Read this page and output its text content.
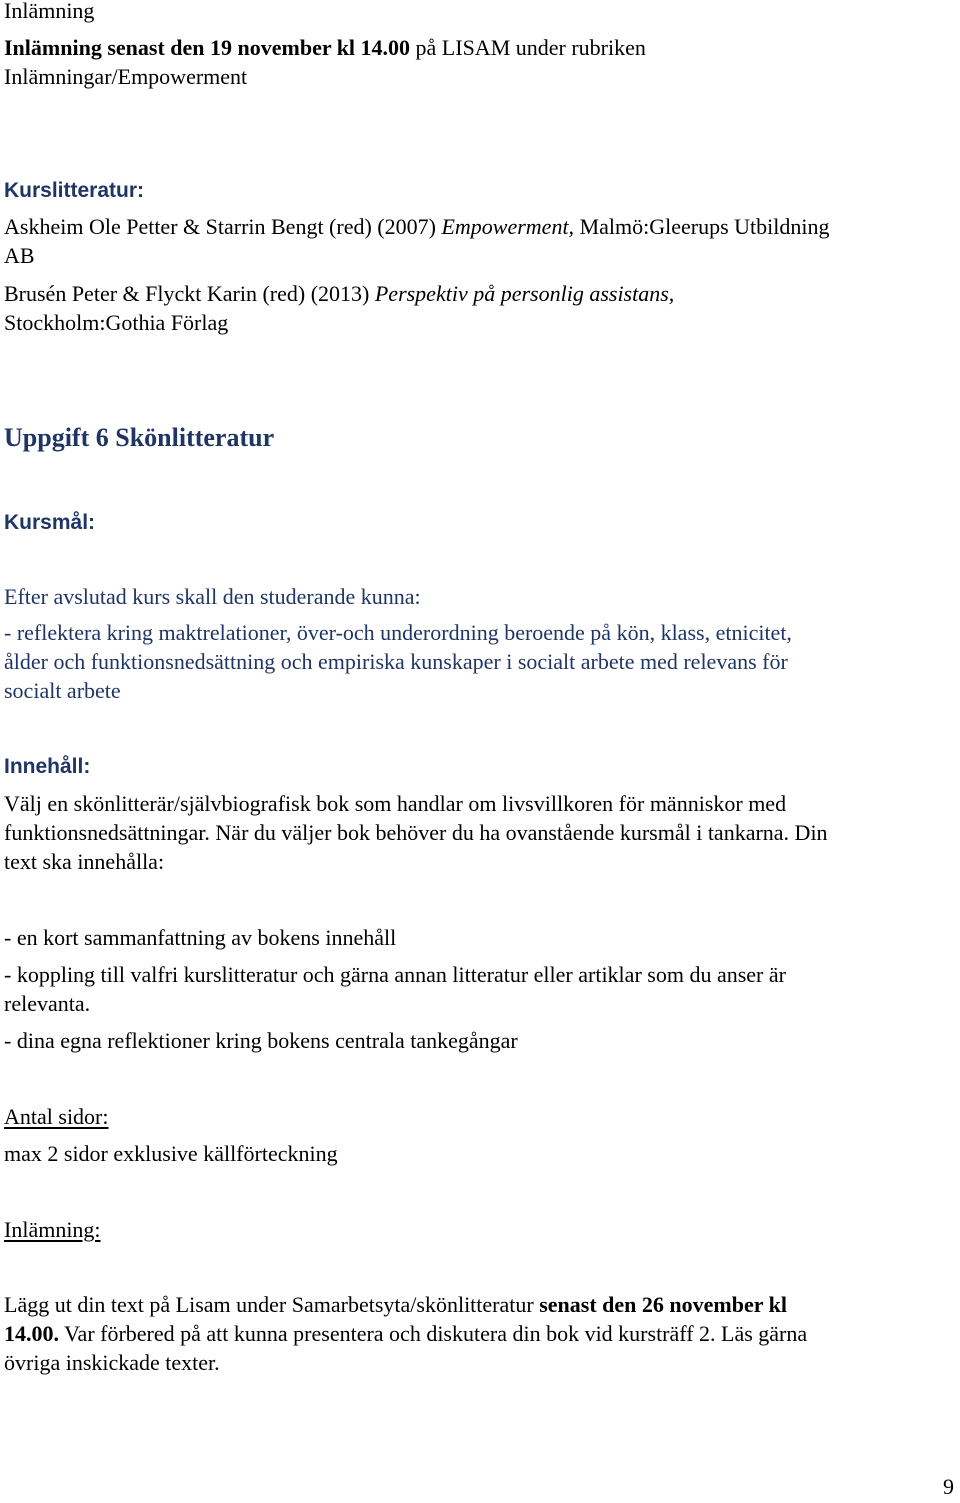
Inlämning

Inlämning senast den 19 november kl 14.00 på LISAM under rubriken

Inlämningar/Empowerment

Kurslitteratur:

Askheim Ole Petter & Starrin Bengt (red) (2007) Empowerment, Malmö:Gleerups Utbildning

AB

Brusén Peter & Flyckt Karin (red) (2013) Perspektiv på personlig assistans,

Stockholm:Gothia Förlag

Uppgift 6 Skönlitteratur

Kursmål:

Efter avslutad kurs skall den studerande kunna:

- reflektera kring maktrelationer, över-och underordning beroende på kön, klass, etnicitet,

ålder och funktionsnedsättning och empiriska kunskaper i socialt arbete med relevans för

socialt arbete

Innehåll:

Välj en skönlitterär/självbiografisk bok som handlar om livsvillkoren för människor med

funktionsnedsättningar. När du väljer bok behöver du ha ovanstående kursmål i tankarna. Din

text ska innehålla:

- en kort sammanfattning av bokens innehåll

- koppling till valfri kurslitteratur och gärna annan litteratur eller artiklar som du anser är

relevanta.

- dina egna reflektioner kring bokens centrala tankegångar

Antal sidor:

max 2 sidor exklusive källförteckning

Inlämning:

Lägg ut din text på Lisam under Samarbetsyta/skönlitteratur senast den 26 november kl

14.00. Var förbered på att kunna presentera och diskutera din bok vid kursträff 2. Läs gärna

övriga inskickade texter.

9
